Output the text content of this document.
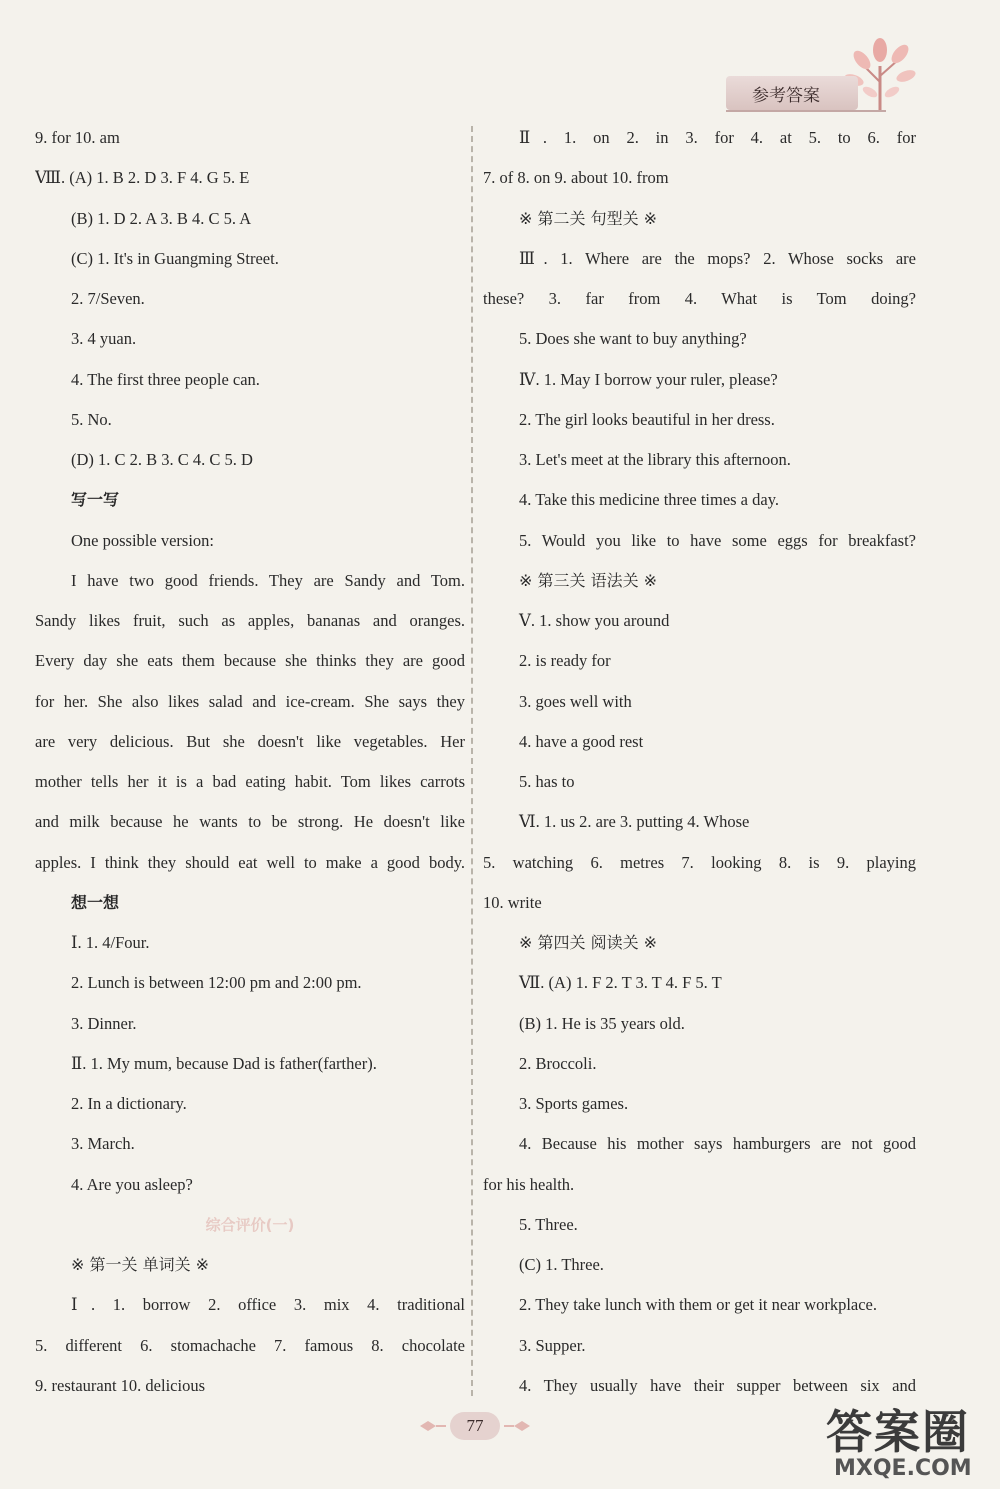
参考答案
9. for 10. am
Ⅷ. (A) 1. B 2. D 3. F 4. G 5. E
(B) 1. D 2. A 3. B 4. C 5. A
(C) 1. It's in Guangming Street.
2. 7/Seven.
3. 4 yuan.
4. The first three people can.
5. No.
(D) 1. C 2. B 3. C 4. C 5. D
写一写
One possible version:
I have two good friends. They are Sandy and Tom.
Sandy likes fruit, such as apples, bananas and oranges.
Every day she eats them because she thinks they are good
for her. She also likes salad and ice-cream. She says they
are very delicious. But she doesn't like vegetables. Her
mother tells her it is a bad eating habit. Tom likes carrots
and milk because he wants to be strong. He doesn't like
apples. I think they should eat well to make a good body.
想一想
Ⅰ. 1. 4/Four.
2. Lunch is between 12:00 pm and 2:00 pm.
3. Dinner.
Ⅱ. 1. My mum, because Dad is father(farther).
2. In a dictionary.
3. March.
4. Are you asleep?
综合评价(一)
※ 第一关 单词关 ※
Ⅰ. 1. borrow 2. office 3. mix 4. traditional
5. different 6. stomachache 7. famous 8. chocolate
9. restaurant 10. delicious
Ⅱ. 1. on 2. in 3. for 4. at 5. to 6. for
7. of 8. on 9. about 10. from
※ 第二关 句型关 ※
Ⅲ. 1. Where are the mops? 2. Whose socks are
these? 3. far from 4. What is Tom doing?
5. Does she want to buy anything?
Ⅳ. 1. May I borrow your ruler, please?
2. The girl looks beautiful in her dress.
3. Let's meet at the library this afternoon.
4. Take this medicine three times a day.
5. Would you like to have some eggs for breakfast?
※ 第三关 语法关 ※
Ⅴ. 1. show you around
2. is ready for
3. goes well with
4. have a good rest
5. has to
Ⅵ. 1. us 2. are 3. putting 4. Whose
5. watching 6. metres 7. looking 8. is 9. playing
10. write
※ 第四关 阅读关 ※
Ⅶ. (A) 1. F 2. T 3. T 4. F 5. T
(B) 1. He is 35 years old.
2. Broccoli.
3. Sports games.
4. Because his mother says hamburgers are not good
for his health.
5. Three.
(C) 1. Three.
2. They take lunch with them or get it near workplace.
3. Supper.
4. They usually have their supper between six and
77	答案圈
MXQE.COM
